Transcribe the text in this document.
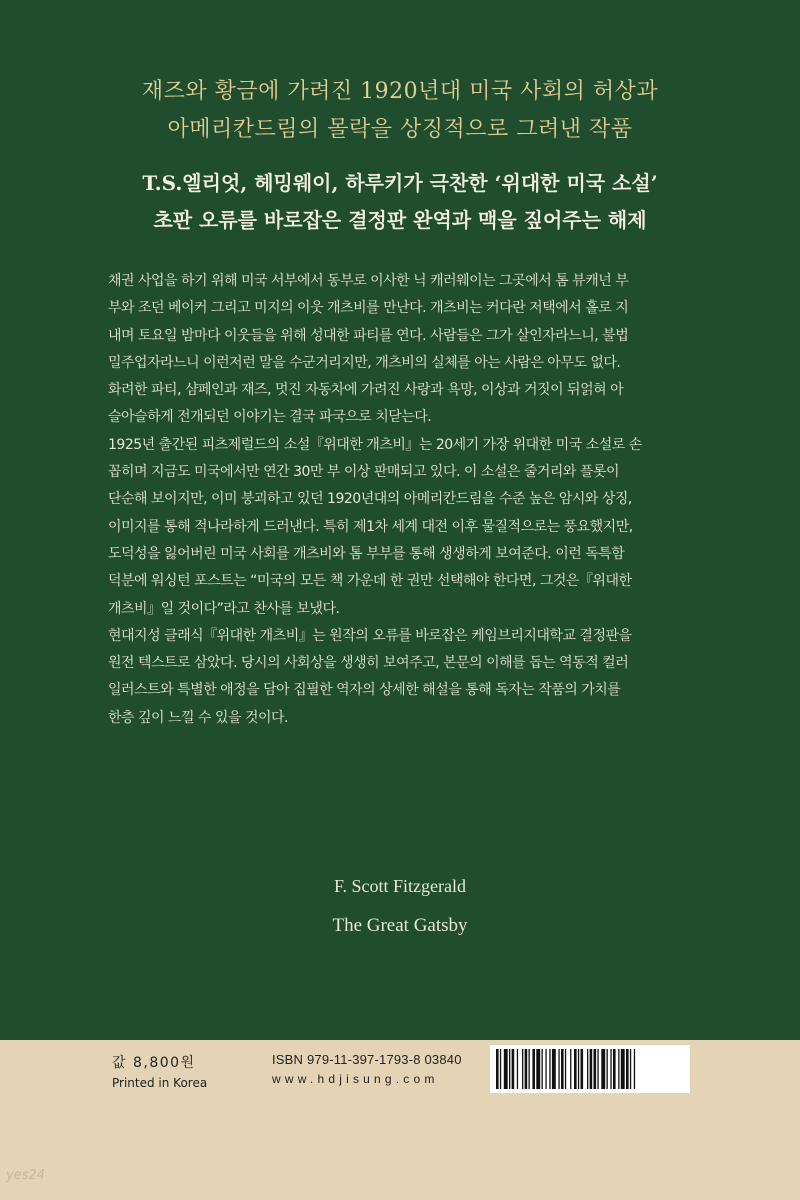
재즈와 황금에 가려진 1920년대 미국 사회의 허상과
아메리칸드림의 몰락을 상징적으로 그려낸 작품
T.S.엘리엇, 헤밍웨이, 하루키가 극찬한 ‘위대한 미국 소설’
초판 오류를 바로잡은 결정판 완역과 맥을 짚어주는 해제

채권 사업을 하기 위해 미국 서부에서 동부로 이사한 닉 캐러웨이는 그곳에서 톰 뷰캐넌 부
부와 조던 베이커 그리고 미지의 이웃 개츠비를 만난다. 개츠비는 커다란 저택에서 홀로 지
내며 토요일 밤마다 이웃들을 위해 성대한 파티를 연다. 사람들은 그가 살인자라느니, 불법
밀주업자라느니 이런저런 말을 수군거리지만, 개츠비의 실체를 아는 사람은 아무도 없다.
화려한 파티, 샴페인과 재즈, 멋진 자동차에 가려진 사랑과 욕망, 이상과 거짓이 뒤얽혀 아
슬아슬하게 전개되던 이야기는 결국 파국으로 치닫는다.

1925년 출간된 피츠제럴드의 소설『위대한 개츠비』는 20세기 가장 위대한 미국 소설로 손
꼽히며 지금도 미국에서만 연간 30만 부 이상 판매되고 있다. 이 소설은 줄거리와 플롯이
단순해 보이지만, 이미 붕괴하고 있던 1920년대의 아메리칸드림을 수준 높은 암시와 상징,
이미지를 통해 적나라하게 드러낸다. 특히 제1차 세계 대전 이후 물질적으로는 풍요했지만,
도덕성을 잃어버린 미국 사회를 개츠비와 톰 부부를 통해 생생하게 보여준다. 이런 독특함
덕분에 워싱턴 포스트는 “미국의 모든 책 가운데 한 권만 선택해야 한다면, 그것은『위대한
개츠비』일 것이다”라고 찬사를 보냈다.

현대지성 클래식『위대한 개츠비』는 원작의 오류를 바로잡은 케임브리지대학교 결정판을
원전 텍스트로 삼았다. 당시의 사회상을 생생히 보여주고, 본문의 이해를 돕는 역동적 컬러
일러스트와 특별한 애정을 담아 집필한 역자의 상세한 해설을 통해 독자는 작품의 가치를
한층 깊이 느낄 수 있을 것이다.

F. Scott Fitzgerald
The Great Gatsby
값 8,800원
Printed in Korea
ISBN 979-11-397-1793-8 03840
www.hdjisung.com
yes24
